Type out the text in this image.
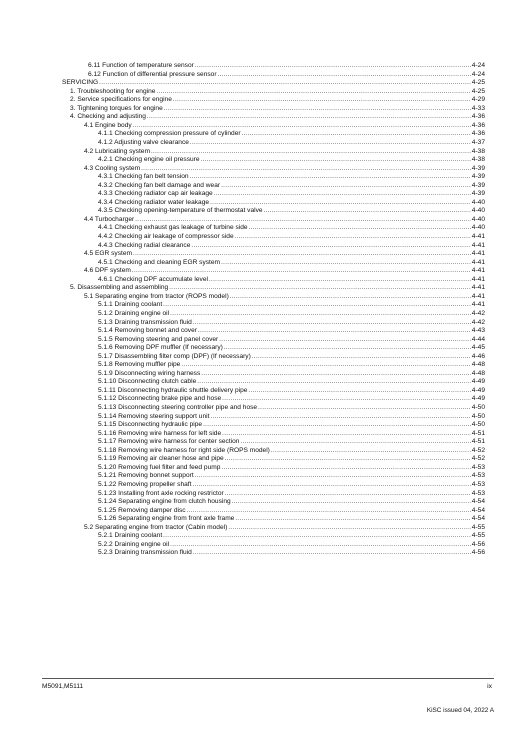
6.11 Function of temperature sensor .....	4-24
6.12 Function of differential pressure sensor .....	4-24
SERVICING .....	4-25
1. Troubleshooting for engine .....	4-25
2. Service specifications for engine .....	4-29
3. Tightening torques for engine .....	4-33
4. Checking and adjusting .....	4-36
4.1 Engine body .....	4-36
4.1.1 Checking compression pressure of cylinder .....	4-36
4.1.2 Adjusting valve clearance .....	4-37
4.2 Lubricating system .....	4-38
4.2.1 Checking engine oil pressure .....	4-38
4.3 Cooling system .....	4-39
4.3.1 Checking fan belt tension .....	4-39
4.3.2 Checking fan belt damage and wear .....	4-39
4.3.3 Checking radiator cap air leakage .....	4-39
4.3.4 Checking radiator water leakage .....	4-40
4.3.5 Checking opening-temperature of thermostat valve .....	4-40
4.4 Turbocharger .....	4-40
4.4.1 Checking exhaust gas leakage of turbine side .....	4-40
4.4.2 Checking air leakage of compressor side .....	4-41
4.4.3 Checking radial clearance .....	4-41
4.5 EGR system .....	4-41
4.5.1 Checking and cleaning EGR system .....	4-41
4.6 DPF system .....	4-41
4.6.1 Checking DPF accumulate level .....	4-41
5. Disassembling and assembling .....	4-41
5.1 Separating engine from tractor (ROPS model) .....	4-41
5.1.1 Draining coolant .....	4-41
5.1.2 Draining engine oil .....	4-42
5.1.3 Draining transmission fluid .....	4-42
5.1.4 Removing bonnet and cover .....	4-43
5.1.5 Removing steering and panel cover .....	4-44
5.1.6 Removing DPF muffler (If necessary) .....	4-45
5.1.7 Disassembling filter comp (DPF) (If necessary) .....	4-46
5.1.8 Removing muffler pipe .....	4-48
5.1.9 Disconnecting wiring harness .....	4-48
5.1.10 Disconnecting clutch cable .....	4-49
5.1.11 Disconnecting hydraulic shuttle delivery pipe .....	4-49
5.1.12 Disconnecting brake pipe and hose .....	4-49
5.1.13 Disconnecting steering controller pipe and hose .....	4-50
5.1.14 Removing steering support unit .....	4-50
5.1.15 Disconnecting hydraulic pipe .....	4-50
5.1.16 Removing wire harness for left side .....	4-51
5.1.17 Removing wire harness for center section .....	4-51
5.1.18 Removing wire harness for right side (ROPS model) .....	4-52
5.1.19 Removing air cleaner hose and pipe .....	4-52
5.1.20 Removing fuel filter and feed pump .....	4-53
5.1.21 Removing bonnet support .....	4-53
5.1.22 Removing propeller shaft .....	4-53
5.1.23 Installing front axle rocking restrictor .....	4-53
5.1.24 Separating engine from clutch housing .....	4-54
5.1.25 Removing damper disc .....	4-54
5.1.26 Separating engine from front axle frame .....	4-54
5.2 Separating engine from tractor (Cabin model) .....	4-55
5.2.1 Draining coolant .....	4-55
5.2.2 Draining engine oil .....	4-56
5.2.3 Draining transmission fluid .....	4-56
M5091,M5111	ix
KiSC issued 04, 2022 A
